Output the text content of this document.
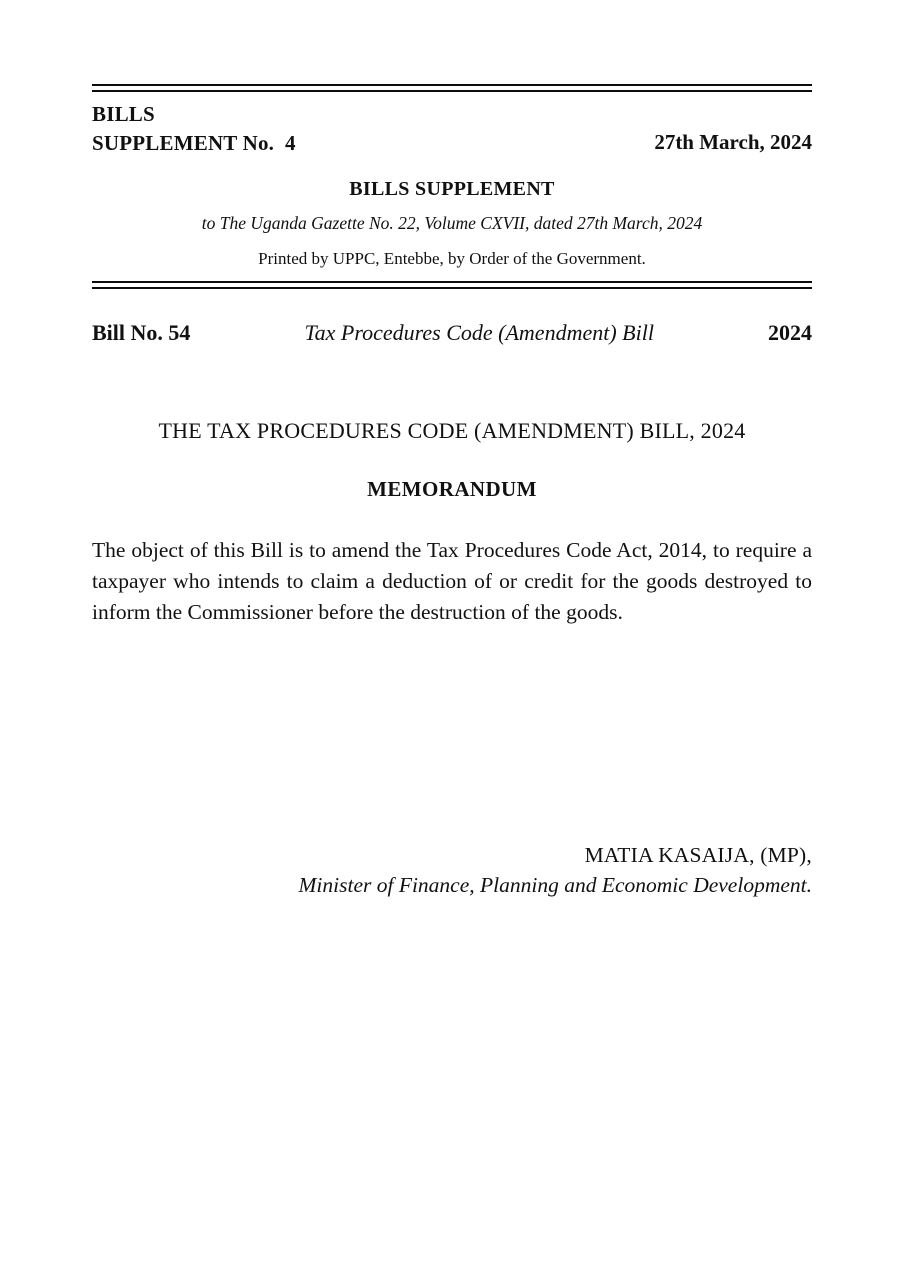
BILLS
SUPPLEMENT No.  4	27th March, 2024
BILLS SUPPLEMENT
to The Uganda Gazette No. 22, Volume CXVII, dated 27th March, 2024
Printed by UPPC, Entebbe, by Order of the Government.
Bill No. 54	Tax Procedures Code (Amendment) Bill	2024
THE TAX PROCEDURES CODE (AMENDMENT) BILL, 2024
MEMORANDUM
The object of this Bill is to amend the Tax Procedures Code Act, 2014, to require a taxpayer who intends to claim a deduction of or credit for the goods destroyed to inform the Commissioner before the destruction of the goods.
MATIA KASAIJA, (MP),
Minister of Finance, Planning and Economic Development.
